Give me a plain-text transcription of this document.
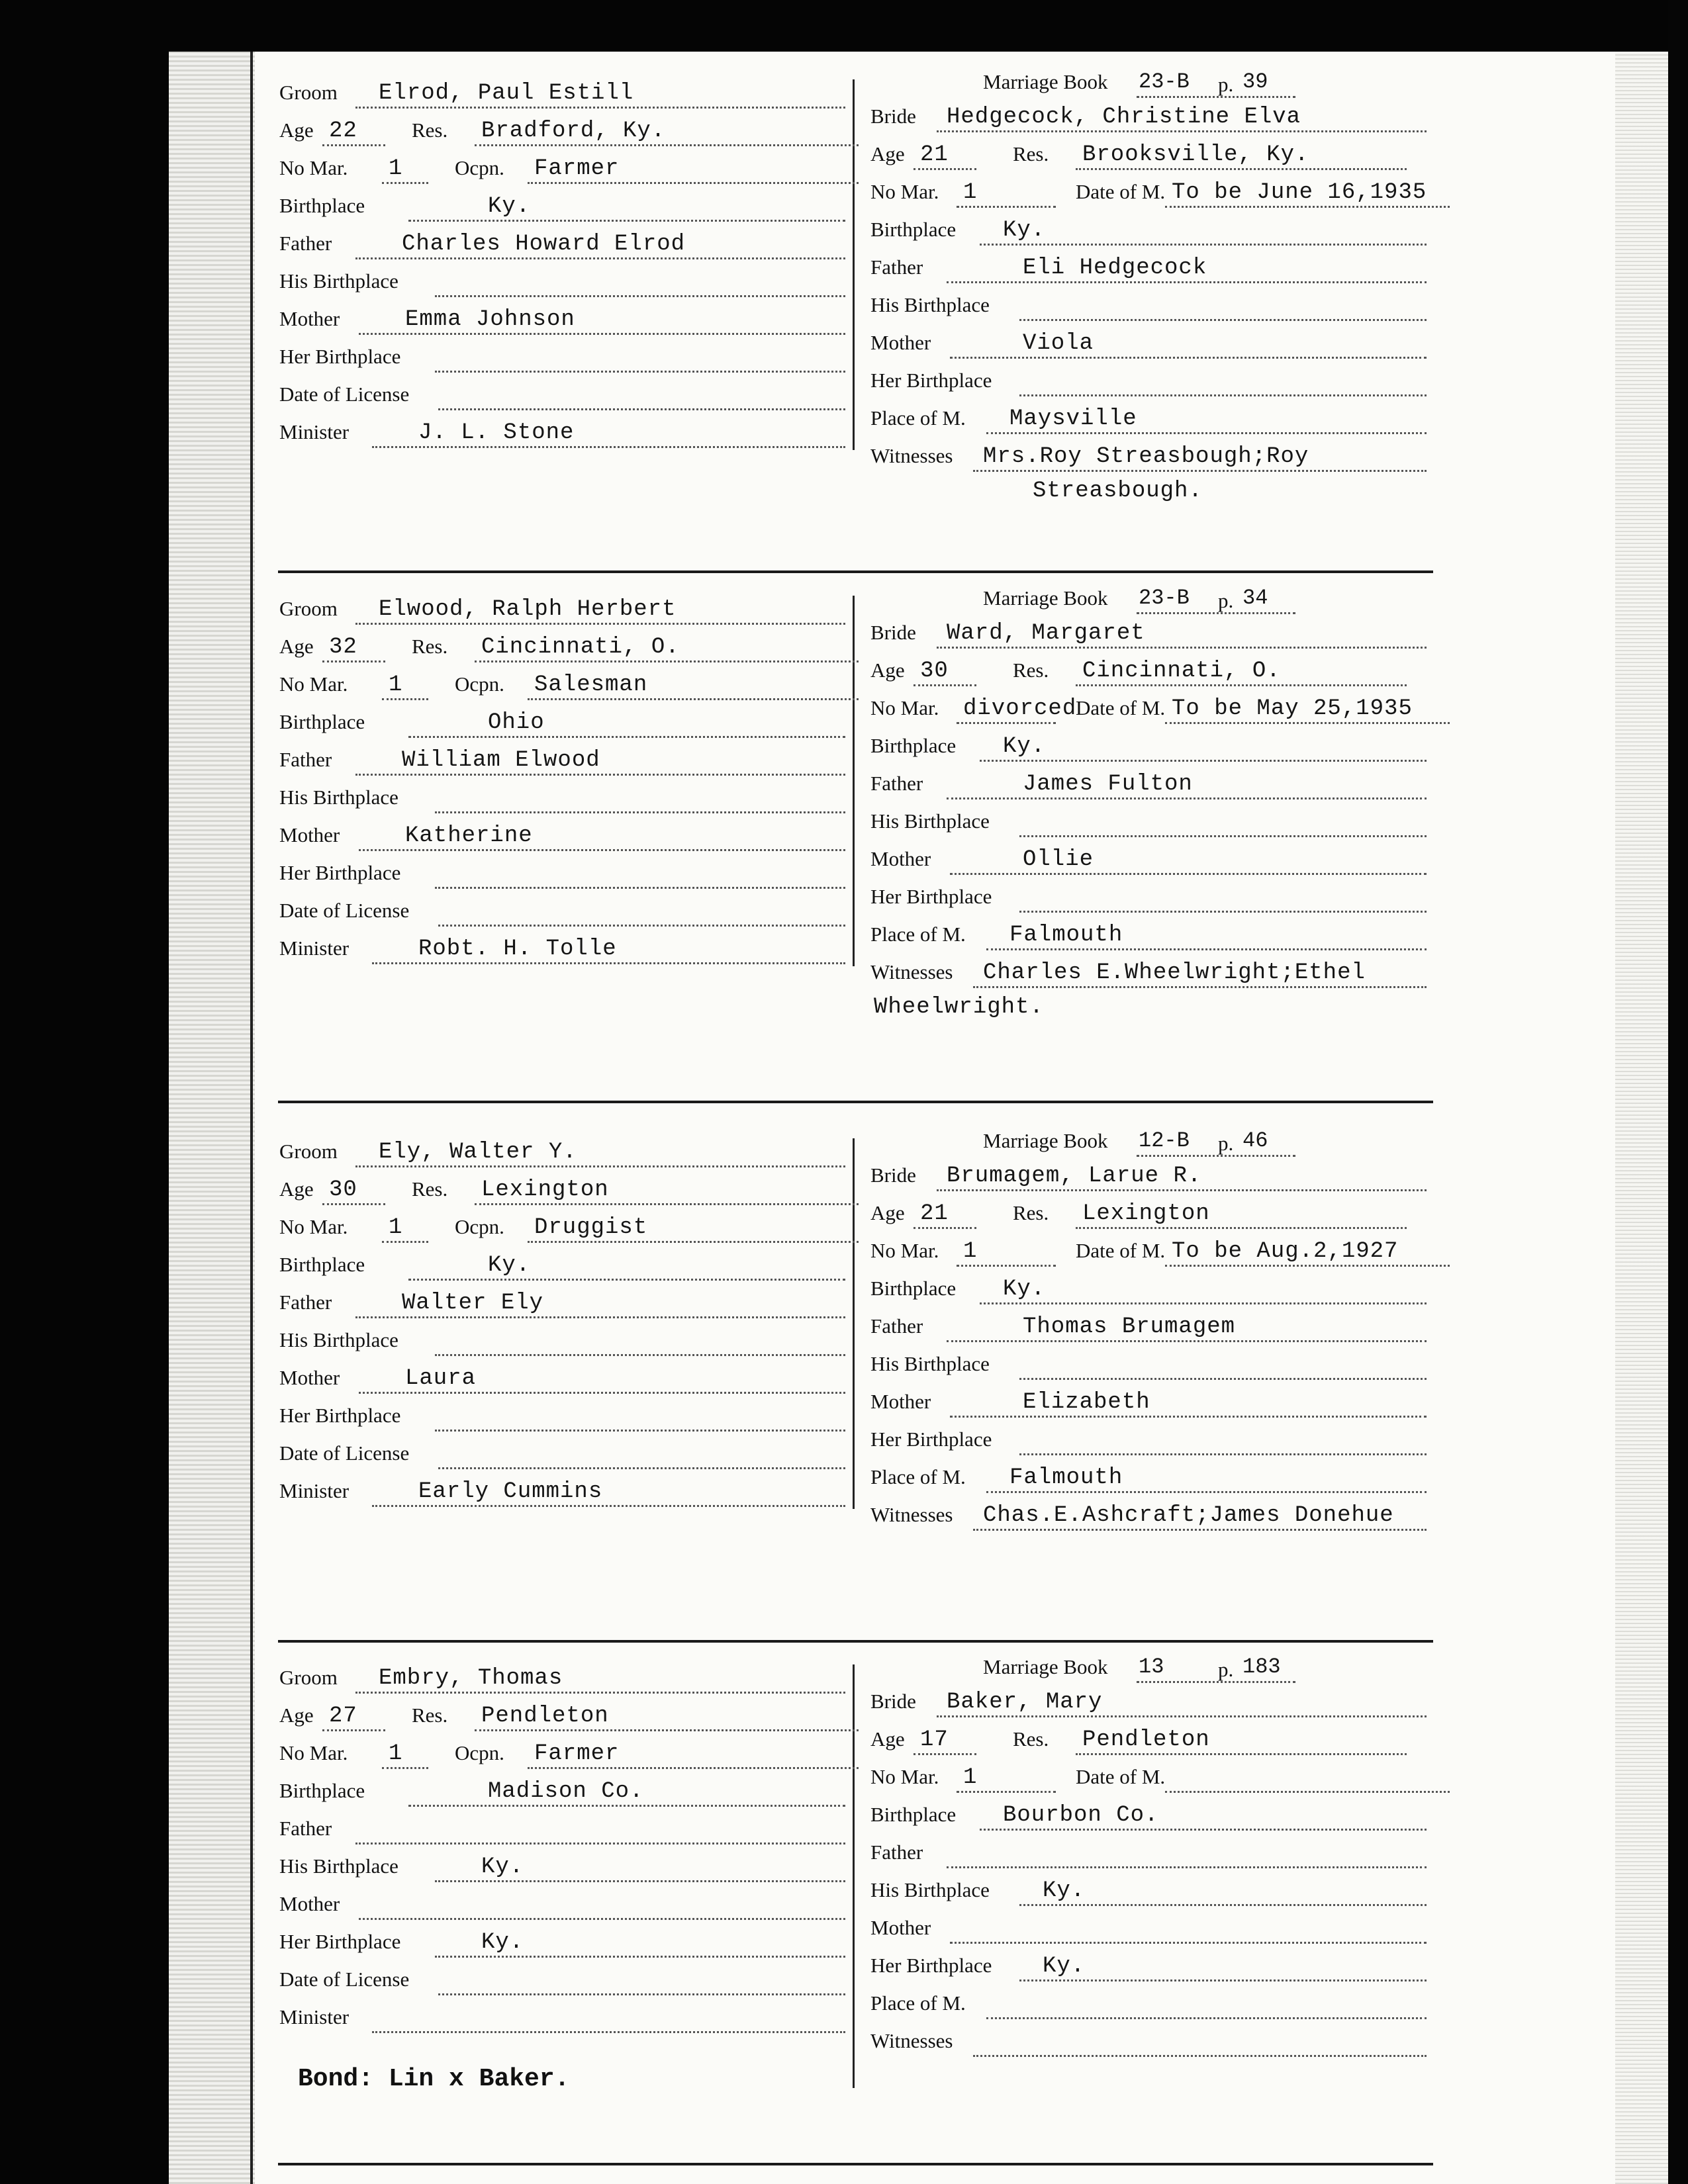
Groom Elrod, Paul Estill
Age 22	Res. Bradford, Ky.
No Mar. 1	Ocpn. Farmer
Birthplace	Ky.
Father	Charles Howard Elrod
His Birthplace
Mother	Emma Johnson
Her Birthplace
Date of License
Minister	J. L. Stone
Marriage Book 23-B p. 39
Bride Hedgecock, Christine Elva
Age 21	Res. Brooksville, Ky.
No Mar. 1	Date of M. To be June 16,1935
Birthplace Ky.
Father	Eli Hedgecock
His Birthplace
Mother	Viola
Her Birthplace
Place of M. Maysville
Witnesses Mrs.Roy Streasbough;Roy
Streasbough.
Groom Elwood, Ralph Herbert
Age 32	Res. Cincinnati, O.
No Mar. 1	Ocpn. Salesman
Birthplace	Ohio
Father	William Elwood
His Birthplace
Mother	Katherine
Her Birthplace
Date of License
Minister	Robt. H. Tolle
Marriage Book 23-B p. 34
Bride Ward, Margaret
Age 30	Res. Cincinnati, O.
No Mar. divorced
Date of M. To be May 25,1935
Birthplace Ky.
Father	James Fulton
His Birthplace
Mother	Ollie
Her Birthplace
Place of M. Falmouth
Witnesses Charles E.Wheelwright;Ethel
Wheelwright.
Groom Ely, Walter Y.
Age 30	Res. Lexington
No Mar. 1	Ocpn. Druggist
Birthplace	Ky.
Father	Walter Ely
His Birthplace
Mother	Laura
Her Birthplace
Date of License
Minister	Early Cummins
Marriage Book 12-B p. 46
Bride Brumagem, Larue R.
Age 21	Res. Lexington
No Mar. 1	Date of M. To be Aug.2,1927
Birthplace Ky.
Father	Thomas Brumagem
His Birthplace
Mother	Elizabeth
Her Birthplace
Place of M. Falmouth
Witnesses Chas.E.Ashcraft;James Donehue
Groom Embry, Thomas
Age 27	Res. Pendleton
No Mar. 1	Ocpn. Farmer
Birthplace	Madison Co.
Father
His Birthplace	Ky.
Mother
Her Birthplace	Ky.
Date of License
Minister
Marriage Book 13	p. 183
Bride Baker, Mary
Age 17	Res. Pendleton
No Mar. 1	Date of M.
Birthplace Bourbon Co.
Father
His Birthplace Ky.
Mother
Her Birthplace Ky.
Place of M.
Witnesses
Bond: Lin x Baker.
